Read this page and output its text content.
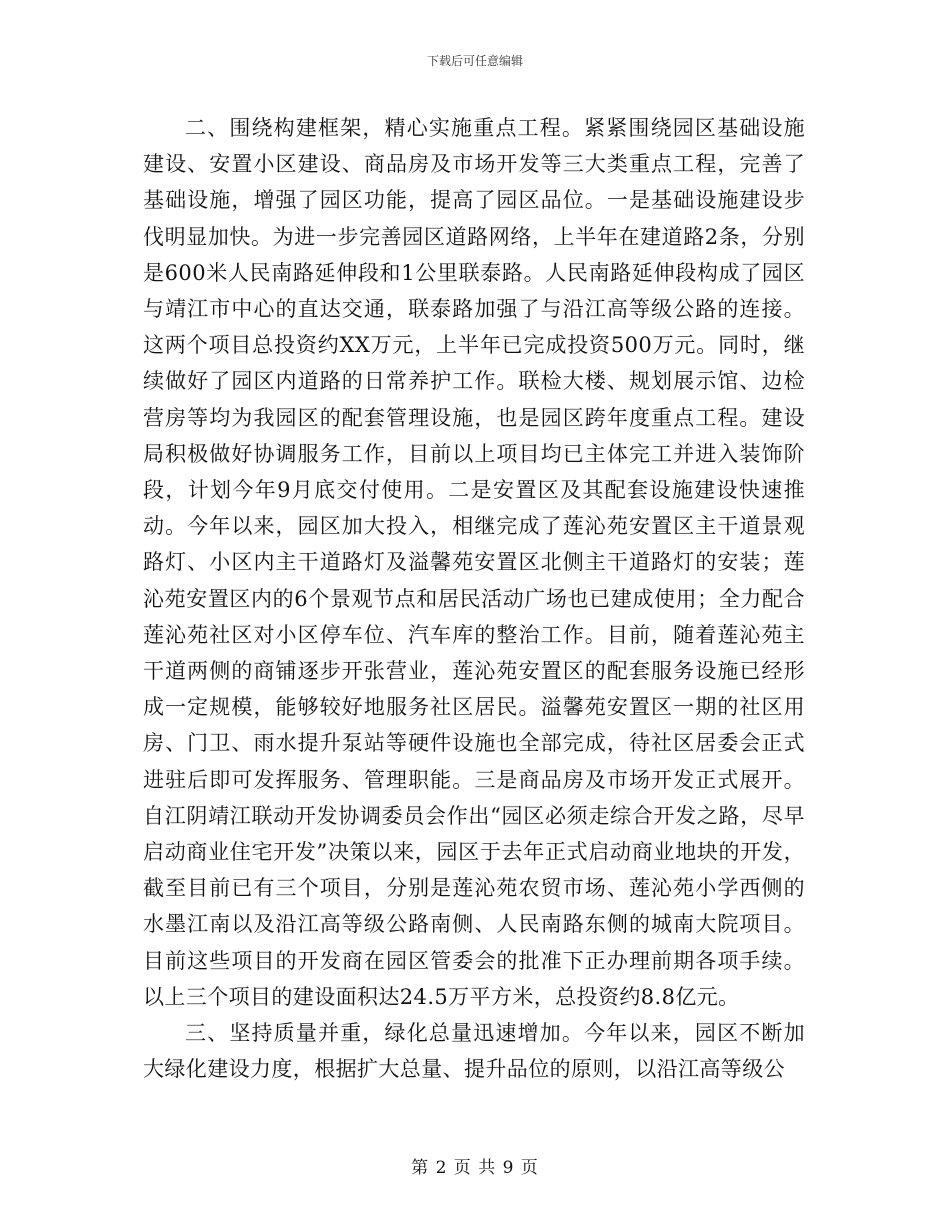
下载后可任意编辑

二、围绕构建框架，精心实施重点工程。紧紧围绕园区基础设施建设、安置小区建设、商品房及市场开发等三大类重点工程，完善了基础设施，增强了园区功能，提高了园区品位。一是基础设施建设步伐明显加快。为进一步完善园区道路网络，上半年在建道路2条，分别是600米人民南路延伸段和1公里联泰路。人民南路延伸段构成了园区与靖江市中心的直达交通，联泰路加强了与沿江高等级公路的连接。这两个项目总投资约XX万元，上半年已完成投资500万元。同时，继续做好了园区内道路的日常养护工作。联检大楼、规划展示馆、边检营房等均为我园区的配套管理设施，也是园区跨年度重点工程。建设局积极做好协调服务工作，目前以上项目均已主体完工并进入装饰阶段，计划今年9月底交付使用。二是安置区及其配套设施建设快速推动。今年以来，园区加大投入，相继完成了莲沁苑安置区主干道景观路灯、小区内主干道路灯及溢馨苑安置区北侧主干道路灯的安装；莲沁苑安置区内的6个景观节点和居民活动广场也已建成使用；全力配合莲沁苑社区对小区停车位、汽车库的整治工作。目前，随着莲沁苑主干道两侧的商铺逐步开张营业，莲沁苑安置区的配套服务设施已经形成一定规模，能够较好地服务社区居民。溢馨苑安置区一期的社区用房、门卫、雨水提升泵站等硬件设施也全部完成，待社区居委会正式进驻后即可发挥服务、管理职能。三是商品房及市场开发正式展开。自江阴靖江联动开发协调委员会作出“园区必须走综合开发之路，尽早启动商业住宅开发”决策以来，园区于去年正式启动商业地块的开发，截至目前已有三个项目，分别是莲沁苑农贸市场、莲沁苑小学西侧的水墨江南以及沿江高等级公路南侧、人民南路东侧的城南大院项目。目前这些项目的开发商在园区管委会的批准下正办理前期各项手续。以上三个项目的建设面积达24.5万平方米，总投资约8.8亿元。

三、坚持质量并重，绿化总量迅速增加。今年以来，园区不断加大绿化建设力度，根据扩大总量、提升品位的原则，以沿江高等级公

第 2 页 共 9 页
